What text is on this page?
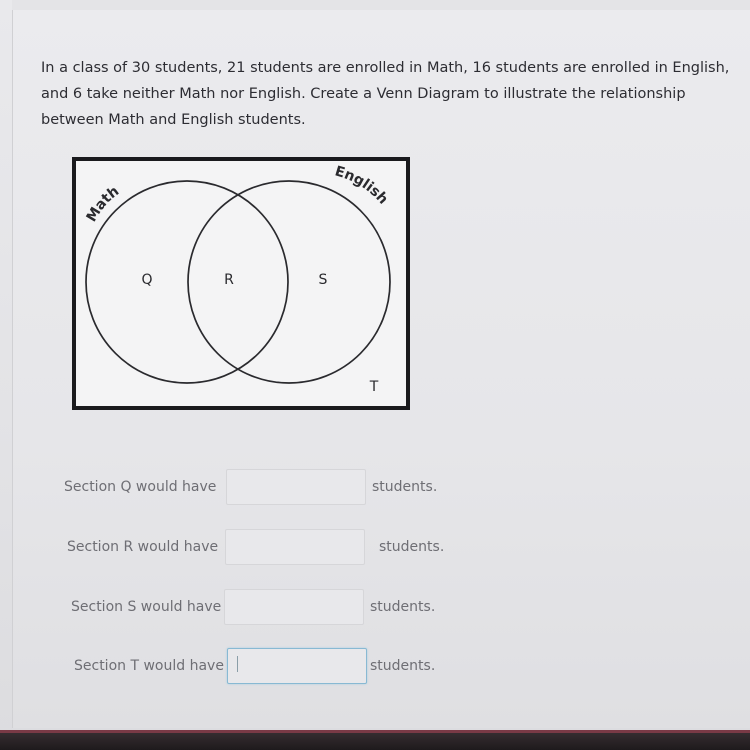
In a class of 30 students, 21 students are enrolled in Math, 16 students are enrolled in English, and 6 take neither Math nor English. Create a Venn Diagram to illustrate the relationship between Math and English students.

Math
English
Q	R	S
T
Section Q would have	students.
Section R would have	students.
Section S would have	students.
Section T would have	students.
